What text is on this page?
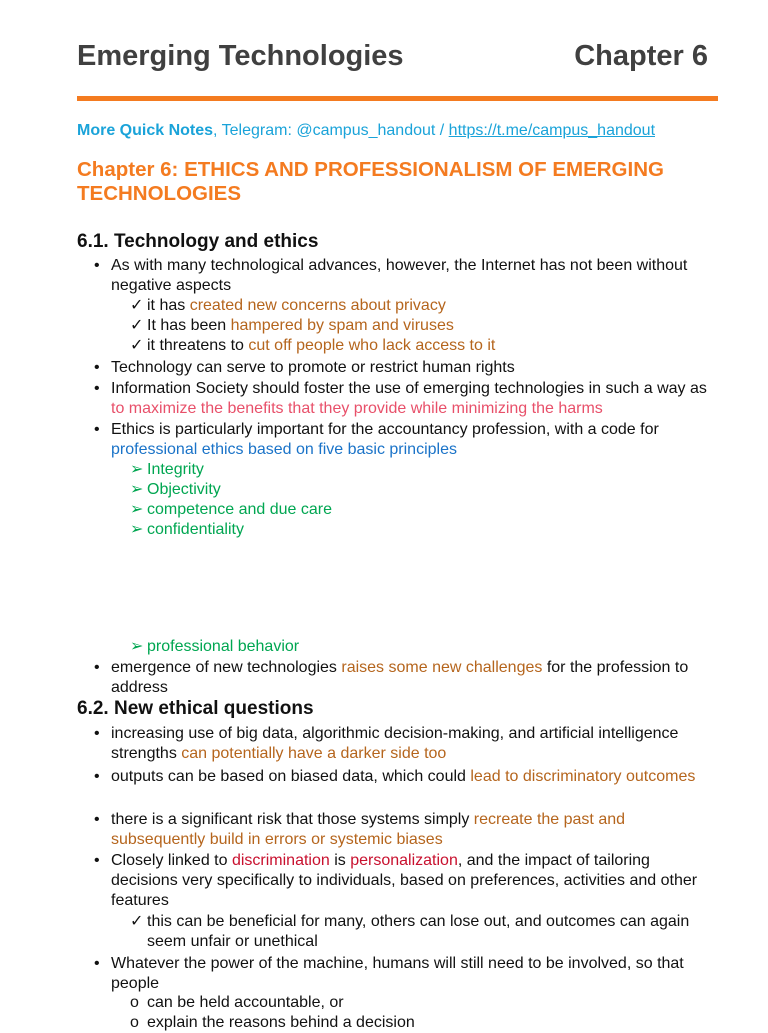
Emerging Technologies	Chapter 6
More Quick Notes, Telegram: @campus_handout / https://t.me/campus_handout
Chapter 6: ETHICS AND PROFESSIONALISM OF EMERGING TECHNOLOGIES
6.1. Technology and ethics
• As with many technological advances, however, the Internet has not been without negative aspects
✓ it has created new concerns about privacy
✓ It has been hampered by spam and viruses
✓ it threatens to cut off people who lack access to it
• Technology can serve to promote or restrict human rights
• Information Society should foster the use of emerging technologies in such a way as to maximize the benefits that they provide while minimizing the harms
• Ethics is particularly important for the accountancy profession, with a code for professional ethics based on five basic principles
➢ Integrity
➢ Objectivity
➢ competence and due care
➢ confidentiality
➢ professional behavior
• emergence of new technologies raises some new challenges for the profession to address
6.2. New ethical questions
• increasing use of big data, algorithmic decision-making, and artificial intelligence strengths can potentially have a darker side too
• outputs can be based on biased data, which could lead to discriminatory outcomes
• there is a significant risk that those systems simply recreate the past and subsequently build in errors or systemic biases
• Closely linked to discrimination is personalization, and the impact of tailoring decisions very specifically to individuals, based on preferences, activities and other features
✓ this can be beneficial for many, others can lose out, and outcomes can again seem unfair or unethical
• Whatever the power of the machine, humans will still need to be involved, so that people
o can be held accountable, or
o explain the reasons behind a decision
